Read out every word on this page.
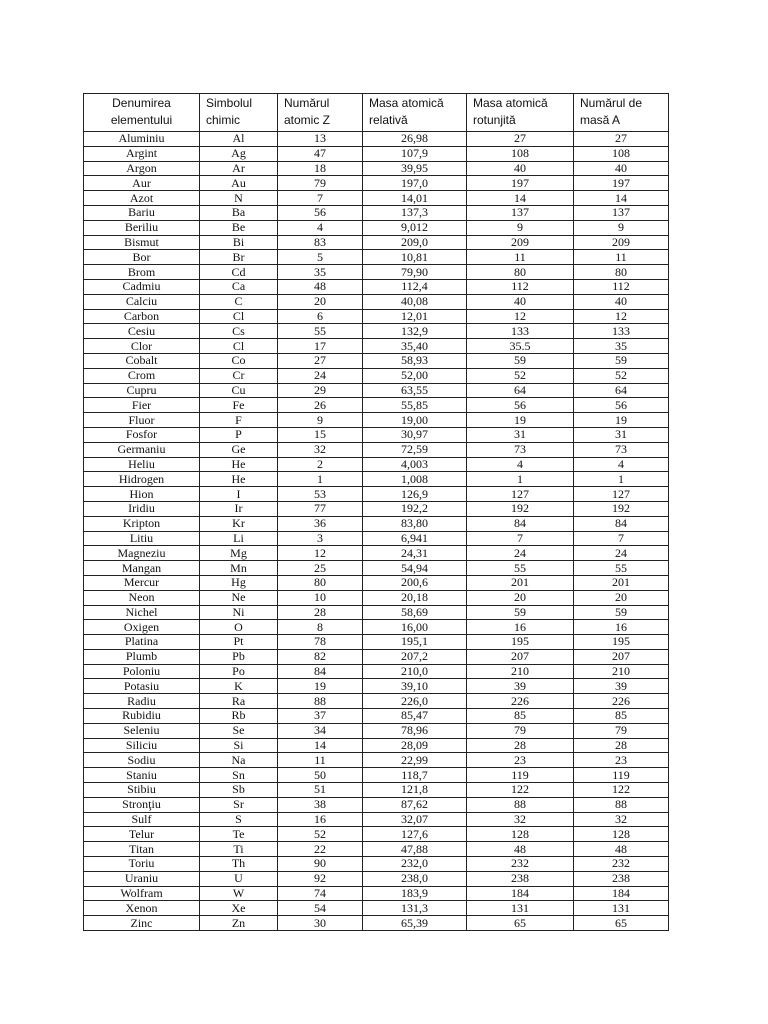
Denumirea elementului	Simbolul chimic	Numărul atomic Z	Masa atomică relativă	Masa atomică rotunjită	Numărul de masă A
Aluminiu	Al	13	26,98	27	27
Argint	Ag	47	107,9	108	108
Argon	Ar	18	39,95	40	40
Aur	Au	79	197,0	197	197
Azot	N	7	14,01	14	14
Bariu	Ba	56	137,3	137	137
Beriliu	Be	4	9,012	9	9
Bismut	Bi	83	209,0	209	209
Bor	Br	5	10,81	11	11
Brom	Cd	35	79,90	80	80
Cadmiu	Ca	48	112,4	112	112
Calciu	C	20	40,08	40	40
Carbon	Cl	6	12,01	12	12
Cesiu	Cs	55	132,9	133	133
Clor	Cl	17	35,40	35.5	35
Cobalt	Co	27	58,93	59	59
Crom	Cr	24	52,00	52	52
Cupru	Cu	29	63,55	64	64
Fier	Fe	26	55,85	56	56
Fluor	F	9	19,00	19	19
Fosfor	P	15	30,97	31	31
Germaniu	Ge	32	72,59	73	73
Heliu	He	2	4,003	4	4
Hidrogen	He	1	1,008	1	1
Hion	I	53	126,9	127	127
Iridiu	Ir	77	192,2	192	192
Kripton	Kr	36	83,80	84	84
Litiu	Li	3	6,941	7	7
Magneziu	Mg	12	24,31	24	24
Mangan	Mn	25	54,94	55	55
Mercur	Hg	80	200,6	201	201
Neon	Ne	10	20,18	20	20
Nichel	Ni	28	58,69	59	59
Oxigen	O	8	16,00	16	16
Platina	Pt	78	195,1	195	195
Plumb	Pb	82	207,2	207	207
Poloniu	Po	84	210,0	210	210
Potasiu	K	19	39,10	39	39
Radiu	Ra	88	226,0	226	226
Rubidiu	Rb	37	85,47	85	85
Seleniu	Se	34	78,96	79	79
Siliciu	Si	14	28,09	28	28
Sodiu	Na	11	22,99	23	23
Staniu	Sn	50	118,7	119	119
Stibiu	Sb	51	121,8	122	122
Stronţiu	Sr	38	87,62	88	88
Sulf	S	16	32,07	32	32
Telur	Te	52	127,6	128	128
Titan	Ti	22	47,88	48	48
Toriu	Th	90	232,0	232	232
Uraniu	U	92	238,0	238	238
Wolfram	W	74	183,9	184	184
Xenon	Xe	54	131,3	131	131
Zinc	Zn	30	65,39	65	65
